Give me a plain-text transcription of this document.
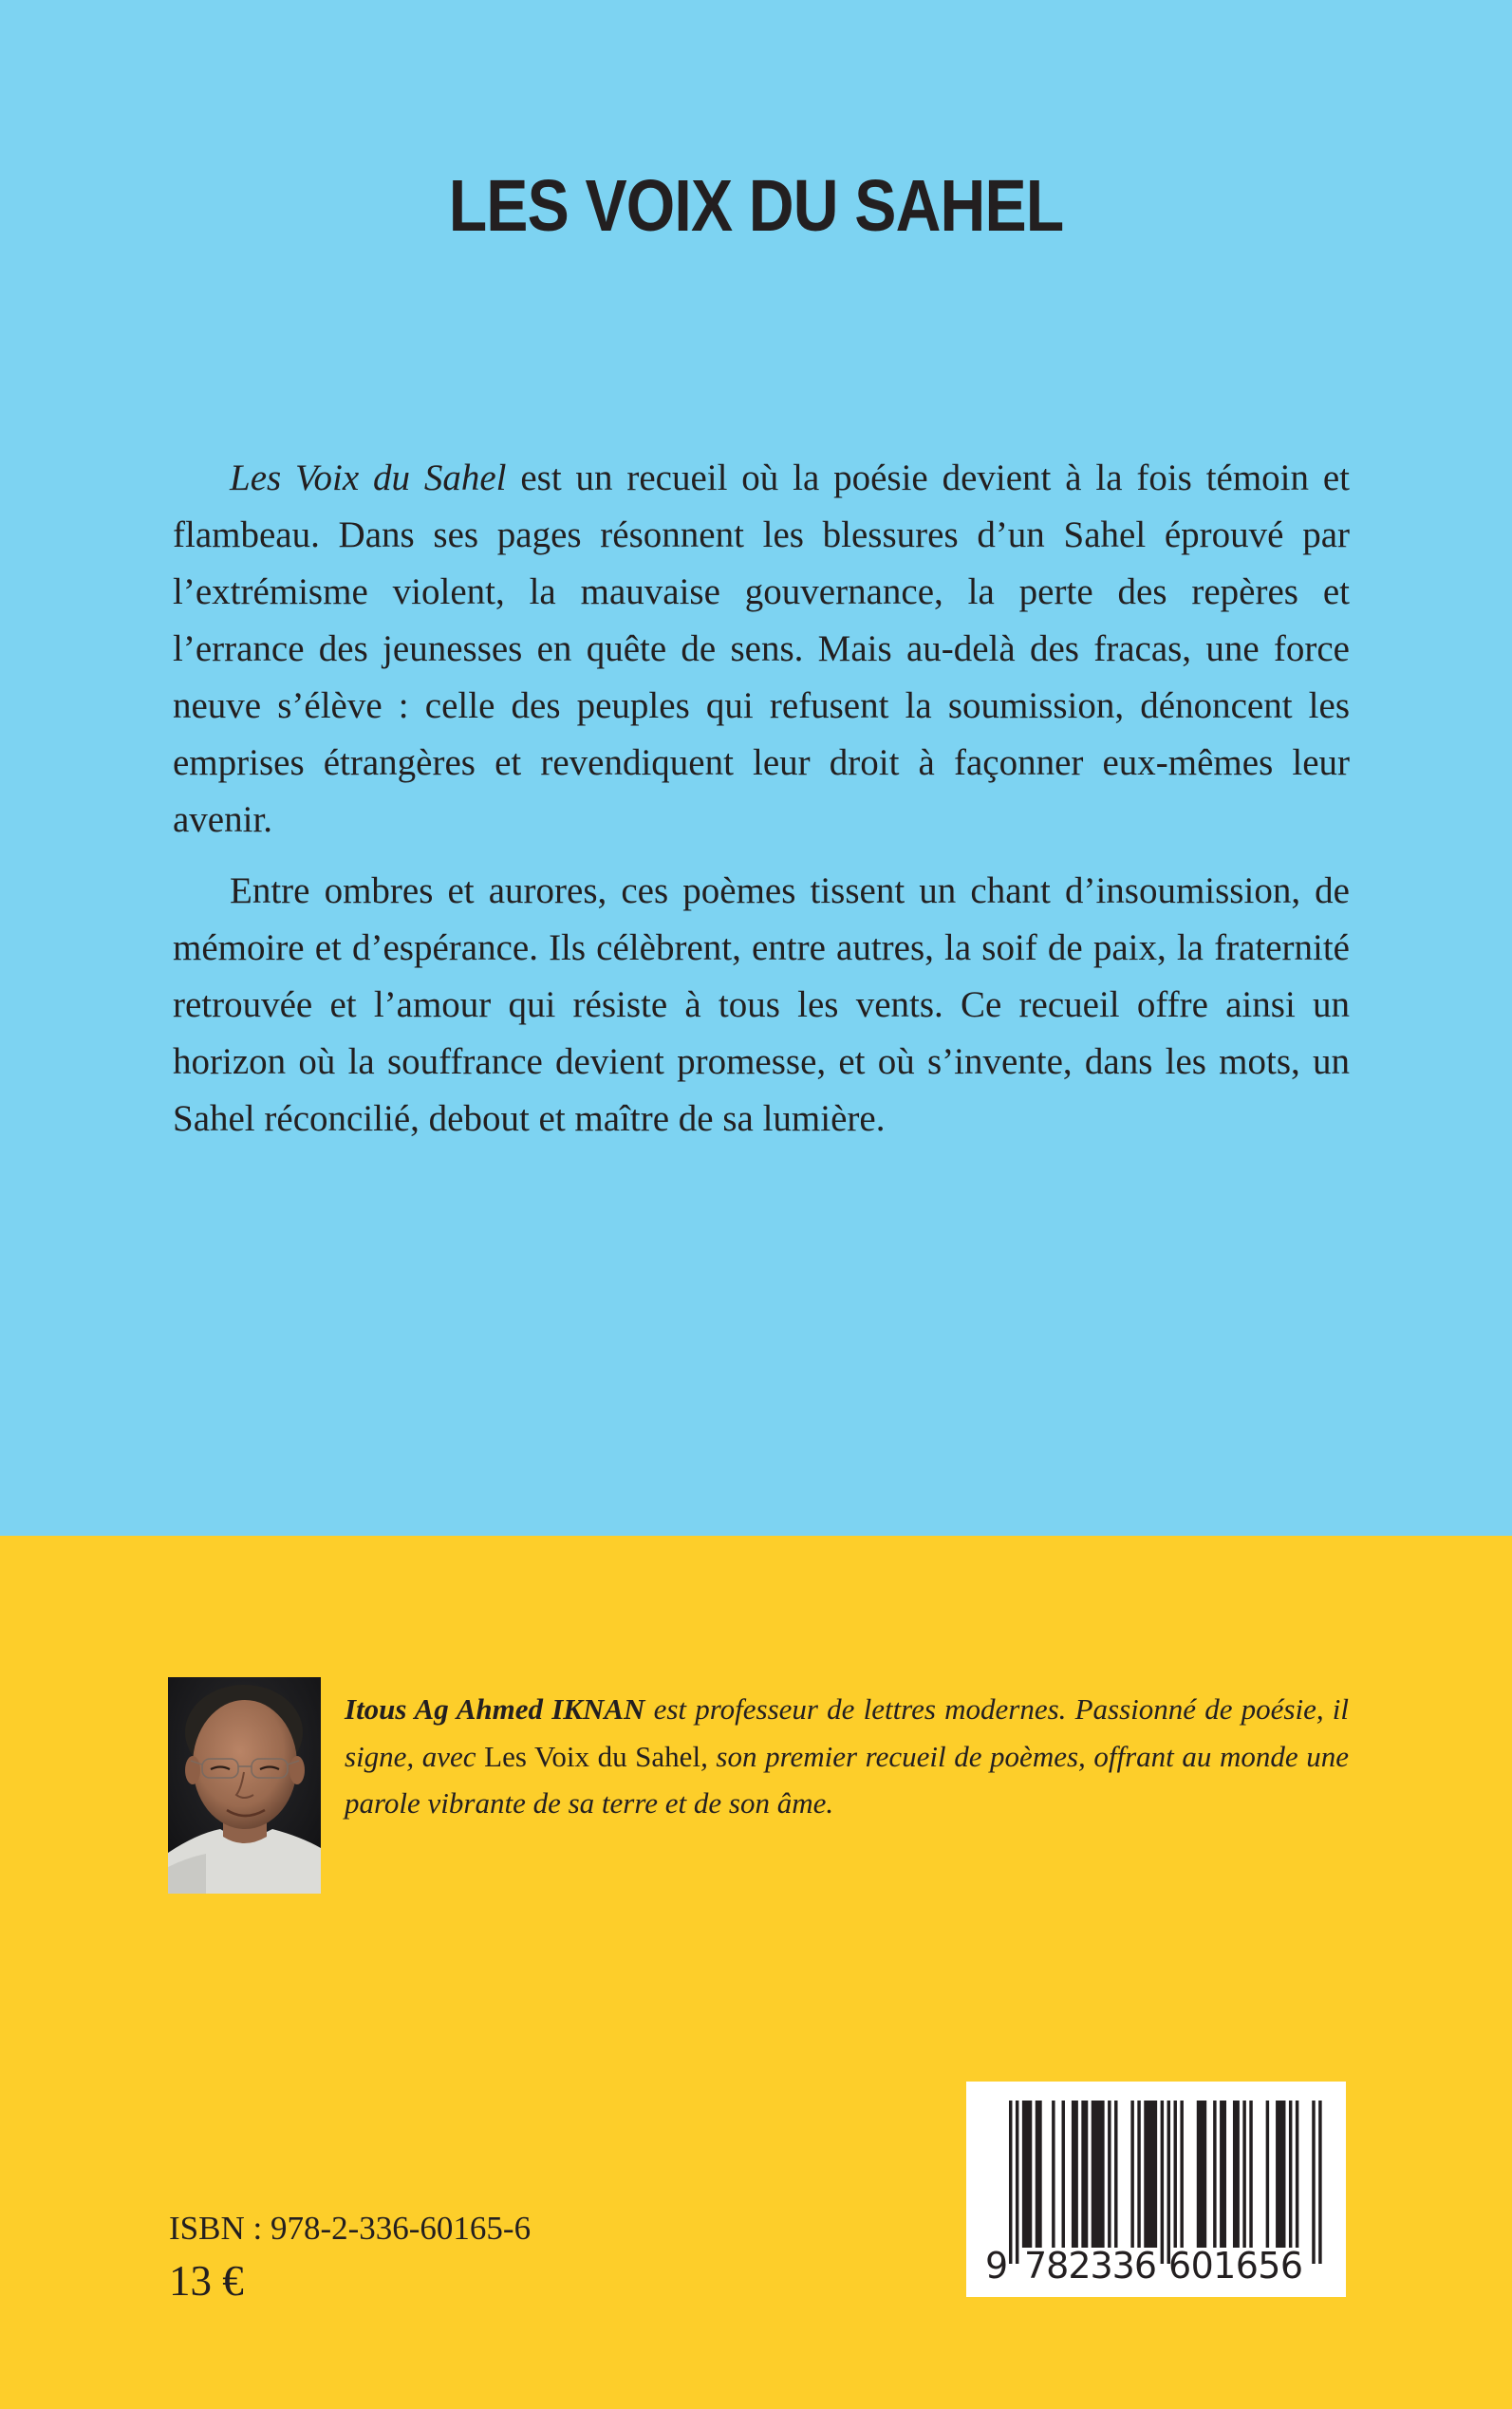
LES VOIX DU SAHEL

Les Voix du Sahel est un recueil où la poésie devient à la fois témoin et flambeau. Dans ses pages résonnent les blessures d’un Sahel éprouvé par l’extrémisme violent, la mauvaise gouvernance, la perte des repères et l’errance des jeunesses en quête de sens. Mais au-delà des fracas, une force neuve s’élève : celle des peuples qui refusent la soumission, dénoncent les emprises étrangères et revendiquent leur droit à façonner eux-mêmes leur avenir.

Entre ombres et aurores, ces poèmes tissent un chant d’insoumission, de mémoire et d’espérance. Ils célèbrent, entre autres, la soif de paix, la fraternité retrouvée et l’amour qui résiste à tous les vents. Ce recueil offre ainsi un horizon où la souffrance devient promesse, et où s’invente, dans les mots, un Sahel réconcilié, debout et maître de sa lumière.

Itous Ag Ahmed IKNAN est professeur de lettres modernes. Passionné de poésie, il signe, avec Les Voix du Sahel, son premier recueil de poèmes, offrant au monde une parole vibrante de sa terre et de son âme.
ISBN : 978-2-336-60165-6
13 €	9 782336 601656
